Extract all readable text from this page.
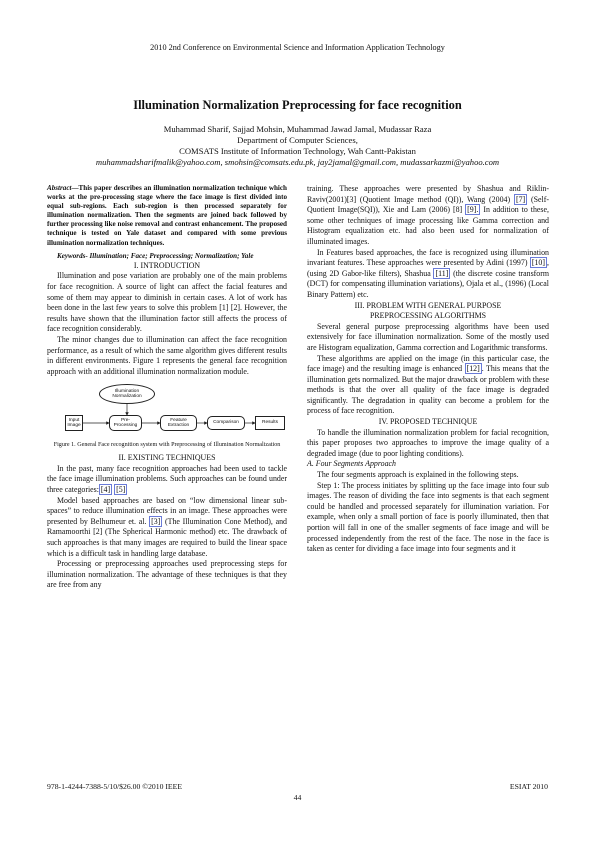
2010 2nd Conference on Environmental Science and Information Application Technology
Illumination Normalization Preprocessing for face recognition
Muhammad Sharif, Sajjad Mohsin, Muhammad Jawad Jamal, Mudassar Raza
Department of Computer Sciences,
COMSATS Institute of Information Technology, Wah Cantt-Pakistan
muhammadsharifmalik@yahoo.com, smohsin@comsats.edu.pk, jay2jamal@gmail.com, mudassarkazmi@yahoo.com

Abstract—This paper describes an illumination normalization technique which works at the pre-processing stage where the face image is first divided into equal sub-regions. Each sub-region is then processed separately for illumination normalization. Then the segments are joined back followed by further processing like noise removal and contrast enhancement. The proposed technique is tested on Yale dataset and compared with some previous illumination normalization techniques.

Keywords- Illumination; Face; Preprocessing; Normalization; Yale

I. INTRODUCTION

Illumination and pose variation are probably one of the main problems for face recognition. A source of light can affect the facial features and some of them may appear to diminish in certain cases. A lot of work has been done in the last few years to solve this problem [1] [2]. However, the results have shown that the illumination factor still affects the process of face recognition considerably.

The minor changes due to illumination can affect the face recognition performance, as a result of which the same algorithm gives different results in different environments. Figure 1 represents the general face recognition approach with an additional illumination normalization module.

Illumination Normalization
Input Image
Pre-Processing
Feature Extraction
Comparison	Results

Figure 1. General Face recognition system with Preprocessing of Illumination Normalization

II. EXISTING TECHNIQUES

In the past, many face recognition approaches had been used to tackle the face image illumination problems. Such approaches can be found under three categories: [4] [5]

Model based approaches are based on “low dimensional linear sub-spaces” to reduce illumination effects in an image. These approaches were presented by Belhumeur et. al. [3] (The Illumination Cone Method), and Ramamoorthi [2] (The Spherical Harmonic method) etc. The drawback of such approaches is that many images are required to build the linear space which is a difficult task in handling large database.

Processing or preprocessing approaches used preprocessing steps for illumination normalization. The advantage of these techniques is that they are free from any

training. These approaches were presented by Shashua and Riklin-Raviv(2001)[3] (Quotient Image method (QI)), Wang (2004) [7] (Self-Quotient Image(SQI)), Xie and Lam (2006) [8] [9]. In addition to these, some other techniques of image processing like Gamma correction and Histogram equalization etc. had also been used for normalization of illuminated images.

In Features based approaches, the face is recognized using illumination invariant features. These approaches were presented by Adini (1997) [10] , (using 2D Gabor-like filters), Shashua [11] (the discrete cosine transform (DCT) for compensating illumination variations), Ojala et al., (1996) (Local Binary Pattern) etc.

III. PROBLEM WITH GENERAL PURPOSE
PREPROCESSING ALGORITHMS

Several general purpose preprocessing algorithms have been used extensively for face illumination normalization. Some of the mostly used are Histogram equalization, Gamma correction and Logarithmic transforms.

These algorithms are applied on the image (in this particular case, the face image) and the resulting image is enhanced [12] . This means that the illumination gets normalized. But the major drawback or problem with these methods is that the over all quality of the face image is degraded significantly. The degradation in quality can become a problem for the process of face recognition.

IV. PROPOSED TECHNIQUE

To handle the illumination normalization problem for facial recognition, this paper proposes two approaches to improve the image quality of a degraded image (due to poor lighting conditions).

A. Four Segments Approach

The four segments approach is explained in the following steps.

Step 1: The process initiates by splitting up the face image into four sub images. The reason of dividing the face into segments is that each segment could be handled and processed separately for illumination variation. For example, when only a small portion of face is poorly illuminated, then that portion will fall in one of the smaller segments of face image and will be processed independently from the rest of the face. The nose in the face is taken as center for dividing a face image into four segments and it

978-1-4244-7388-5/10/$26.00 ©2010 IEEE	ESIAT 2010
44
